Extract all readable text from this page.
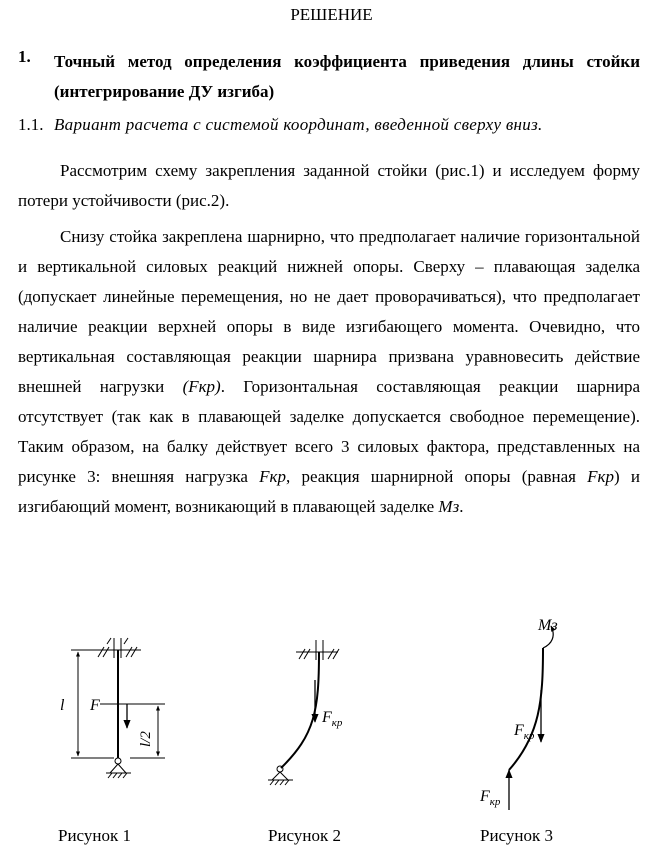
РЕШЕНИЕ
1. Точный метод определения коэффициента приведения длины стойки (интегрирование ДУ изгиба)
1.1. Вариант расчета с системой координат, введенной сверху вниз.

Рассмотрим схему закрепления заданной стойки (рис.1) и исследуем форму потери устойчивости (рис.2).

Снизу стойка закреплена шарнирно, что предполагает наличие горизонтальной и вертикальной силовых реакций нижней опоры. Сверху – плавающая заделка (допускает линейные перемещения, но не дает проворачиваться), что предполагает наличие реакции верхней опоры в виде изгибающего момента. Очевидно, что вертикальная составляющая реакции шарнира призвана уравновесить действие внешней нагрузки (Fкр). Горизонтальная составляющая реакции шарнира отсутствует (так как в плавающей заделке допускается свободное перемещение). Таким образом, на балку действует всего 3 силовых фактора, представленных на рисунке 3: внешняя нагрузка Fкр, реакция шарнирной опоры (равная Fкр) и изгибающий момент, возникающий в плавающей заделке Мз.

l F
l/2
$F_{кр}$
Мз
$F_{кр}$
$F_{кр}$
Рисунок 1	Рисунок 2	Рисунок 3
